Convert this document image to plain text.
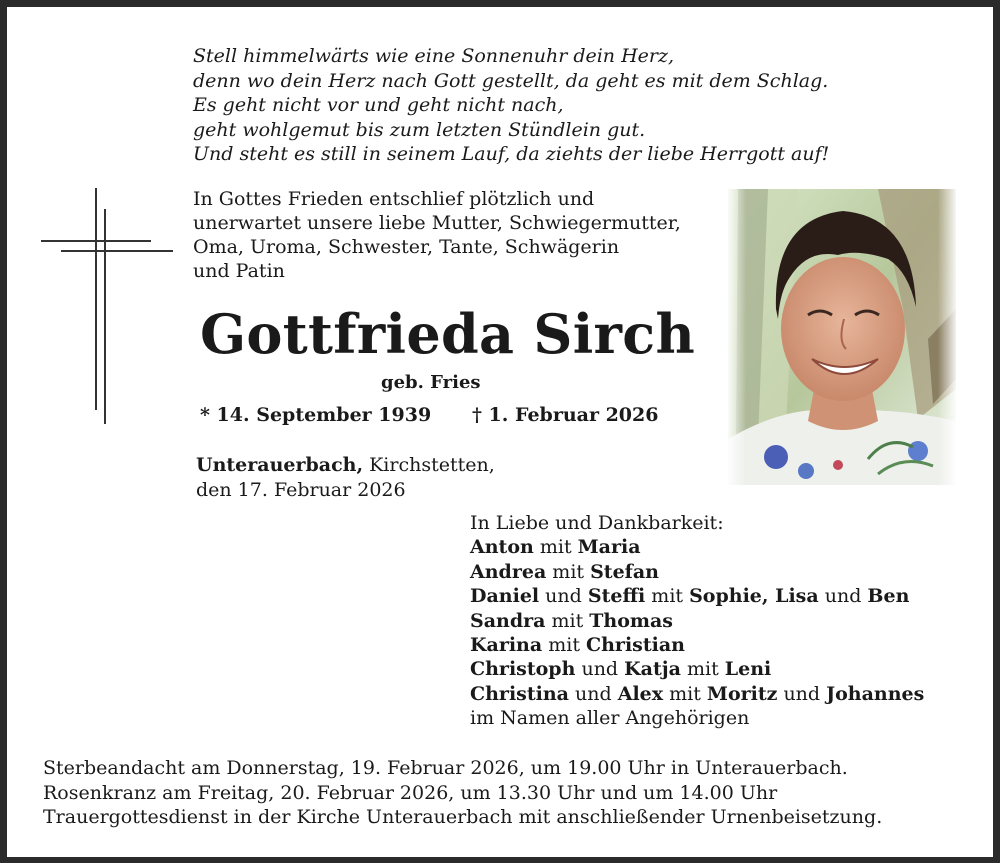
Stell himmelwärts wie eine Sonnenuhr dein Herz,
denn wo dein Herz nach Gott gestellt, da geht es mit dem Schlag.
Es geht nicht vor und geht nicht nach,
geht wohlgemut bis zum letzten Stündlein gut.
Und steht es still in seinem Lauf, da ziehts der liebe Herrgott auf!
In Gottes Frieden entschlief plötzlich und
unerwartet unsere liebe Mutter, Schwiegermutter,
Oma, Uroma, Schwester, Tante, Schwägerin
und Patin
Gottfrieda Sirch
geb. Fries
* 14. September 1939 † 1. Februar 2026
Unterauerbach, Kirchstetten,
den 17. Februar 2026
In Liebe und Dankbarkeit:
Anton mit Maria
Andrea mit Stefan
Daniel und Steffi mit Sophie, Lisa und Ben
Sandra mit Thomas
Karina mit Christian
Christoph und Katja mit Leni
Christina und Alex mit Moritz und Johannes
im Namen aller Angehörigen
Sterbeandacht am Donnerstag, 19. Februar 2026, um 19.00 Uhr in Unterauerbach.
Rosenkranz am Freitag, 20. Februar 2026, um 13.30 Uhr und um 14.00 Uhr
Trauergottesdienst in der Kirche Unterauerbach mit anschließender Urnenbeisetzung.
